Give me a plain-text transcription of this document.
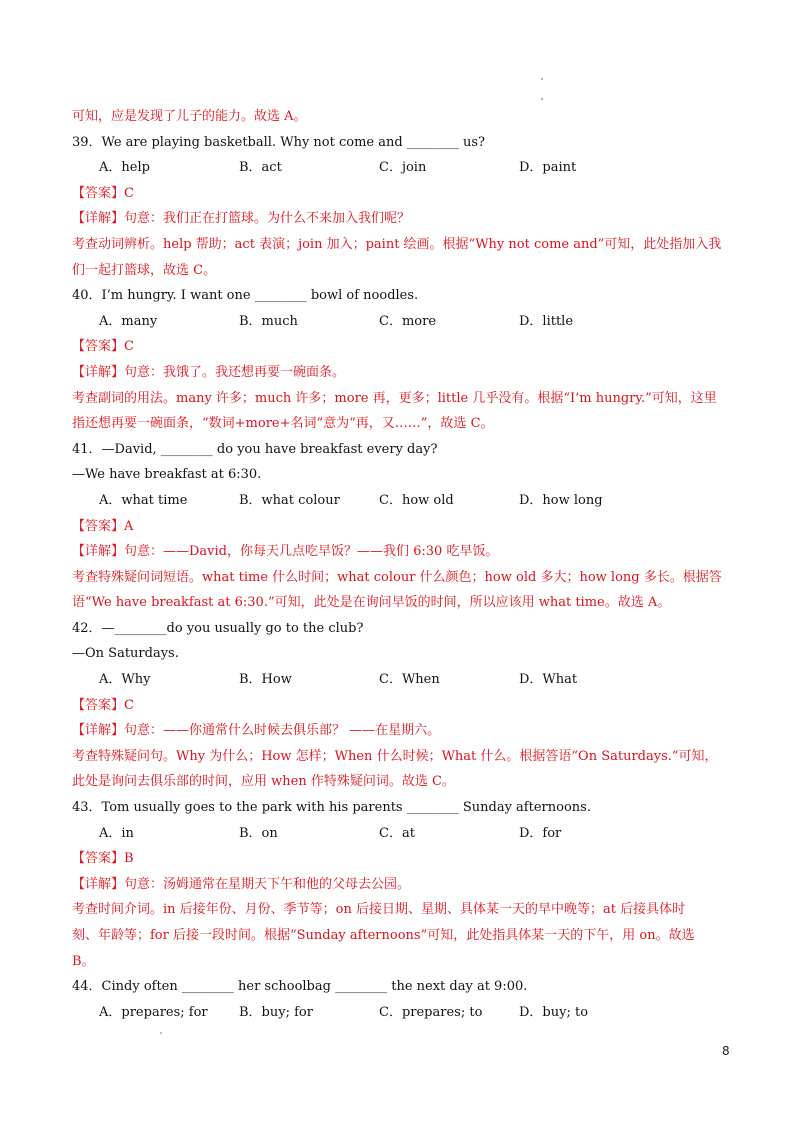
可知，应是发现了儿子的能力。故选 A。
39．We are playing basketball. Why not come and ________ us?
A．help	B．act	C．join	D．paint
【答案】C
【详解】句意：我们正在打篮球。为什么不来加入我们呢？
考查动词辨析。help 帮助；act 表演；join 加入；paint 绘画。根据“Why not come and”可知，此处指加入我
们一起打篮球，故选 C。
40．I’m hungry. I want one ________ bowl of noodles.
A．many	B．much	C．more	D．little
【答案】C
【详解】句意：我饿了。我还想再要一碗面条。
考查副词的用法。many 许多；much 许多；more 再，更多；little 几乎没有。根据“I’m hungry.”可知，这里
指还想再要一碗面条，“数词+more+名词”意为“再，又……”，故选 C。
41．—David, ________ do you have breakfast every day?
—We have breakfast at 6:30.
A．what time	B．what colour	C．how old	D．how long
【答案】A
【详解】句意：——David，你每天几点吃早饭？——我们 6:30 吃早饭。
考查特殊疑问词短语。what time 什么时间；what colour 什么颜色；how old 多大；how long 多长。根据答
语“We have breakfast at 6:30.”可知，此处是在询问早饭的时间，所以应该用 what time。故选 A。
42．—________do you usually go to the club?
—On Saturdays.
A．Why	B．How	C．When	D．What
【答案】C
【详解】句意：——你通常什么时候去俱乐部？ ——在星期六。
考查特殊疑问句。Why 为什么；How 怎样；When 什么时候；What 什么。根据答语“On Saturdays.”可知，
此处是询问去俱乐部的时间，应用 when 作特殊疑问词。故选 C。
43．Tom usually goes to the park with his parents ________ Sunday afternoons.
A．in	B．on	C．at	D．for
【答案】B
【详解】句意：汤姆通常在星期天下午和他的父母去公园。
考查时间介词。in 后接年份、月份、季节等；on 后接日期、星期、具体某一天的早中晚等；at 后接具体时
刻、年龄等；for 后接一段时间。根据“Sunday afternoons”可知，此处指具体某一天的下午，用 on。故选
B。
44．Cindy often ________ her schoolbag ________ the next day at 9:00.
A．prepares; for	B．buy; for	C．prepares; to	D．buy; to
8
